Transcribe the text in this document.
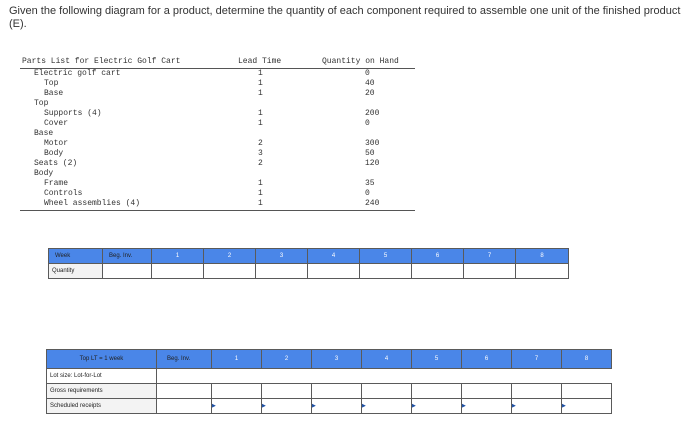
Given the following diagram for a product, determine the quantity of each component required to assemble one unit of the finished product (E).
Parts List for Electric Golf Cart	Lead Time	Quantity on Hand
Electric golf cart	1	0
Top	1	40
Base	1	20
Top
Supports (4)	1	200
Cover	1	0
Base
Motor	2	300
Body	3	50
Seats (2)	2	120
Body
Frame	1	35
Controls	1	0
Wheel assemblies (4)	1	240
Week	Beg. Inv.	1	2	3	4	5	6	7	8
Quantity									
Top LT = 1 week	Beg. Inv.	1	2	3	4	5	6	7	8
Lot size: Lot-for-Lot									
Gross requirements									
Scheduled receipts		▶	▶	▶	▶	▶	▶	▶	▶
